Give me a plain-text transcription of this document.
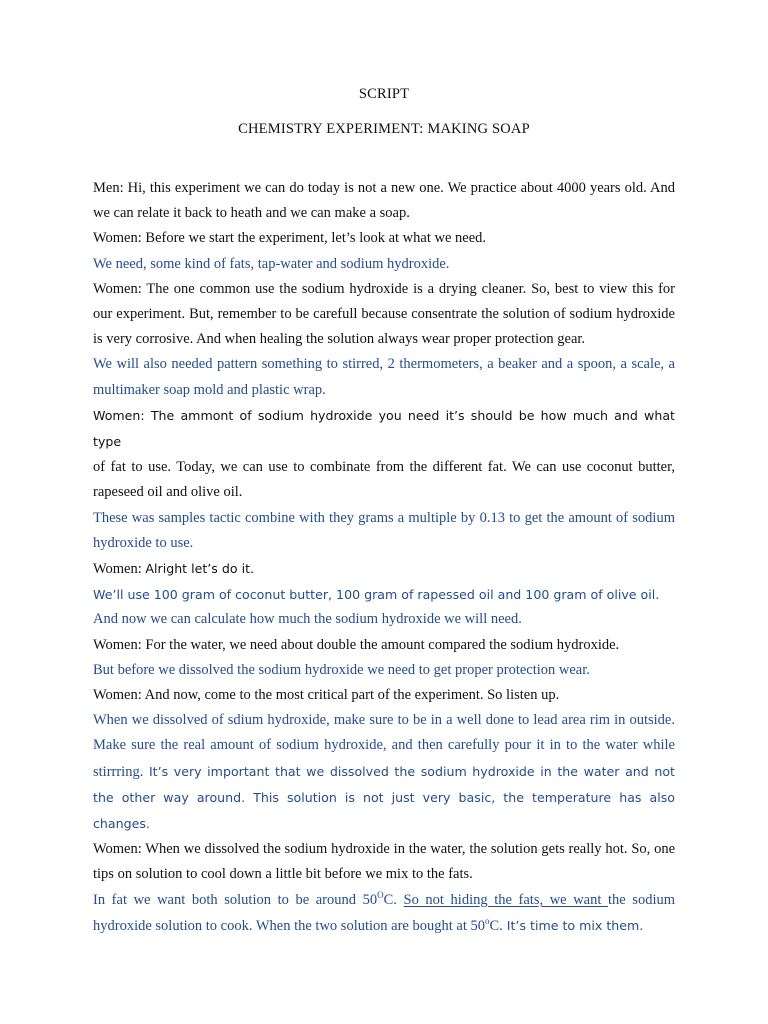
SCRIPT
CHEMISTRY EXPERIMENT: MAKING SOAP

Men: Hi, this experiment we can do today is not a new one. We practice about 4000 years old. And we can relate it back to heath and we can make a soap.

Women: Before we start the experiment, let’s look at what we need.

We need, some kind of fats, tap-water and sodium hydroxide.

Women: The one common use the sodium hydroxide is a drying cleaner. So, best to view this for our experiment. But, remember to be carefull because consentrate the solution of sodium hydroxide is very corrosive. And when healing the solution always wear proper protection gear.

We will also needed pattern something to stirred, 2 thermometers, a beaker and a spoon, a scale, a multimaker soap mold and plastic wrap.

Women: The ammont of sodium hydroxide you need it’s should be how much and what type
of fat to use. Today, we can use to combinate from the different fat. We can use coconut butter, rapeseed oil and olive oil.

These was samples tactic combine with they grams a multiple by 0.13 to get the amount of sodium hydroxide to use.

Women: Alright let’s do it.

We’ll use 100 gram of coconut butter, 100 gram of rapessed oil and 100 gram of olive oil.

And now we can calculate how much the sodium hydroxide we will need.

Women: For the water, we need about double the amount compared the sodium hydroxide.

But before we dissolved the sodium hydroxide we need to get proper protection wear.

Women: And now, come to the most critical part of the experiment. So listen up.

When we dissolved of sdium hydroxide, make sure to be in a well done to lead area rim in outside. Make sure the real amount of sodium hydroxide, and then carefully pour it in to the water while stirrring. It’s very important that we dissolved the sodium hydroxide in the water and not the other way around. This solution is not just very basic, the temperature has also changes.

Women: When we dissolved the sodium hydroxide in the water, the solution gets really hot. So, one tips on solution to cool down a little bit before we mix to the fats.

In fat we want both solution to be around $50^OC$. So not hiding the fats, we want the sodium hydroxide solution to cook. When the two solution are bought at 50$^o$C. It’s time to mix them.
